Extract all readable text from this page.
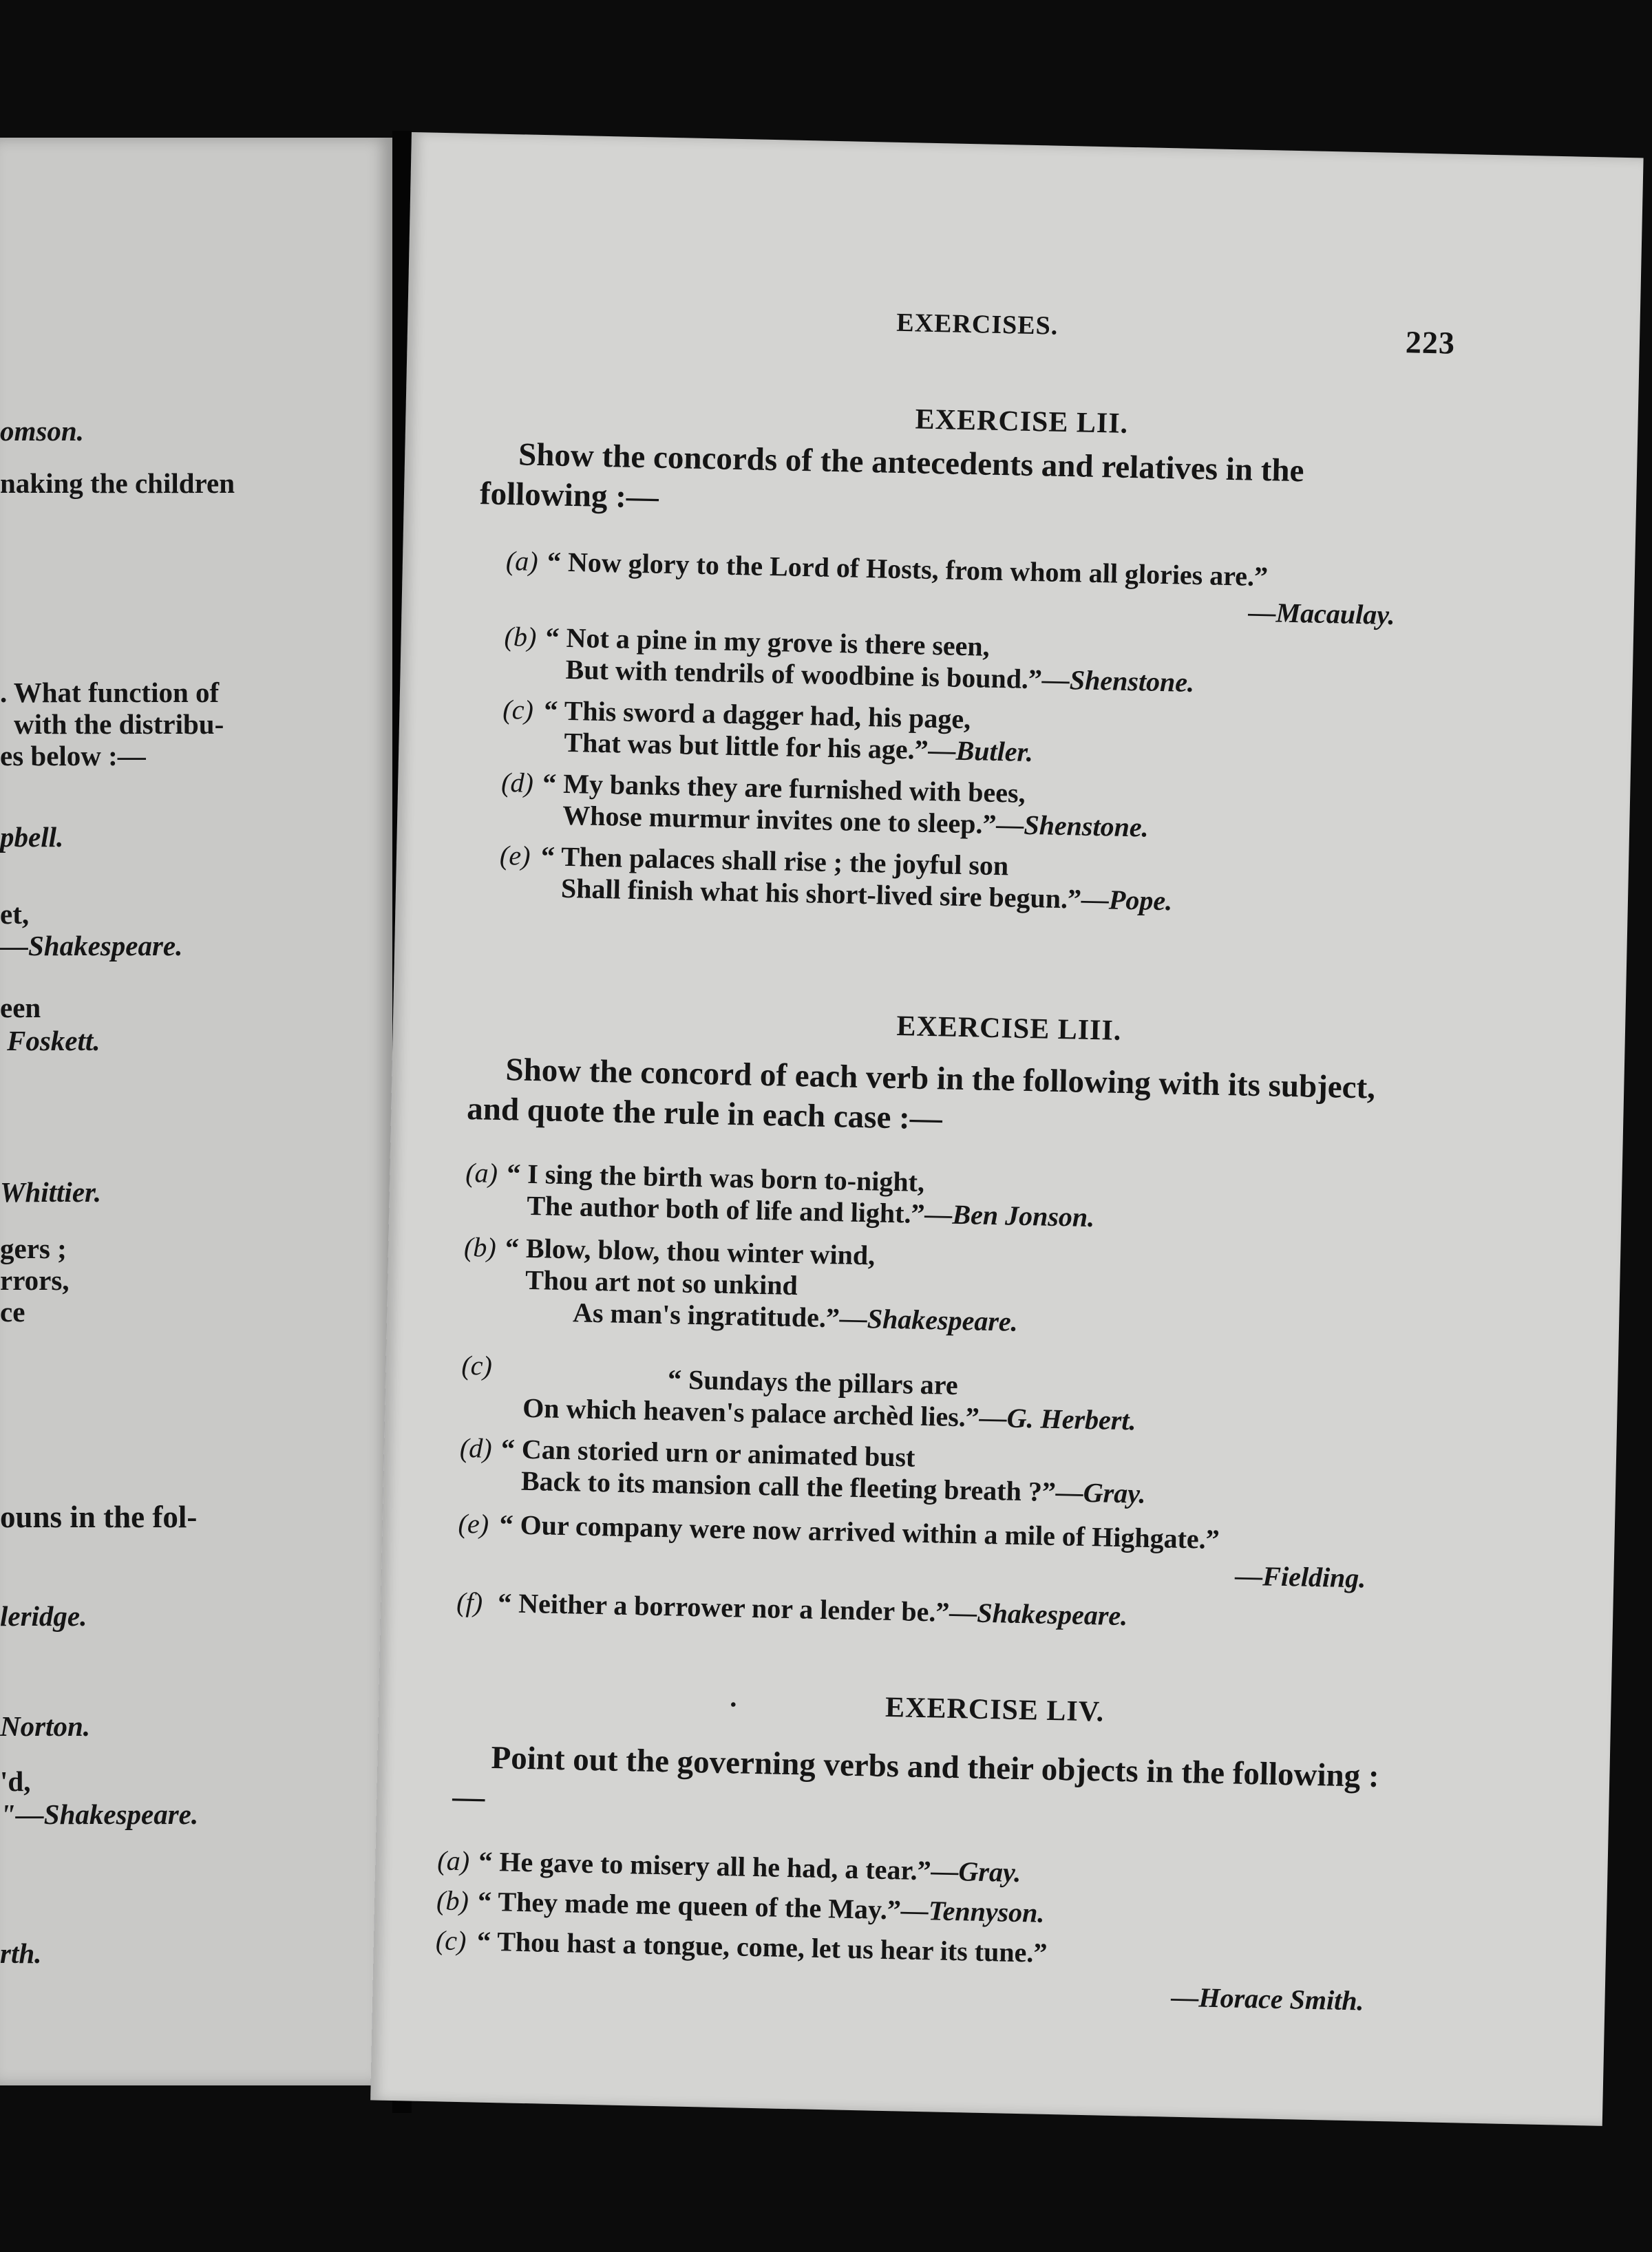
omson.
naking the children
. What function of
with the distribu-
es below :—
pbell.
et,
—Shakespeare.
een
Foskett.
Whittier.
gers ;
rrors,
ce
ouns in the fol-
leridge.
Norton.
'd,
"—Shakespeare.
rth.
EXERCISES.
223
EXERCISE LII.
Show the concords of the antecedents and relatives in the following :—
(a) “ Now glory to the Lord of Hosts, from whom all glories are.”
—Macaulay.
(b) “ Not a pine in my grove is there seen,
But with tendrils of woodbine is bound.”—Shenstone.
(c) “ This sword a dagger had, his page,
That was but little for his age.”—Butler.
(d) “ My banks they are furnished with bees,
Whose murmur invites one to sleep.”—Shenstone.
(e) “ Then palaces shall rise ; the joyful son
Shall finish what his short-lived sire begun.”—Pope.
EXERCISE LIII.
Show the concord of each verb in the following with its subject, and quote the rule in each case :—
(a) “ I sing the birth was born to-night,
The author both of life and light.”—Ben Jonson.
(b) “ Blow, blow, thou winter wind,
Thou art not so unkind
As man's ingratitude.”—Shakespeare.
(c)	“ Sundays the pillars are
On which heaven's palace archèd lies.”—G. Herbert.
(d) “ Can storied urn or animated bust
Back to its mansion call the fleeting breath ?”—Gray.
(e) “ Our company were now arrived within a mile of Highgate.”
—Fielding.
(f) “ Neither a borrower nor a lender be.”—Shakespeare.
.	EXERCISE LIV.
Point out the governing verbs and their objects in the following :—
(a) “ He gave to misery all he had, a tear.”—Gray.
(b) “ They made me queen of the May.”—Tennyson.
(c) “ Thou hast a tongue, come, let us hear its tune.”
—Horace Smith.
